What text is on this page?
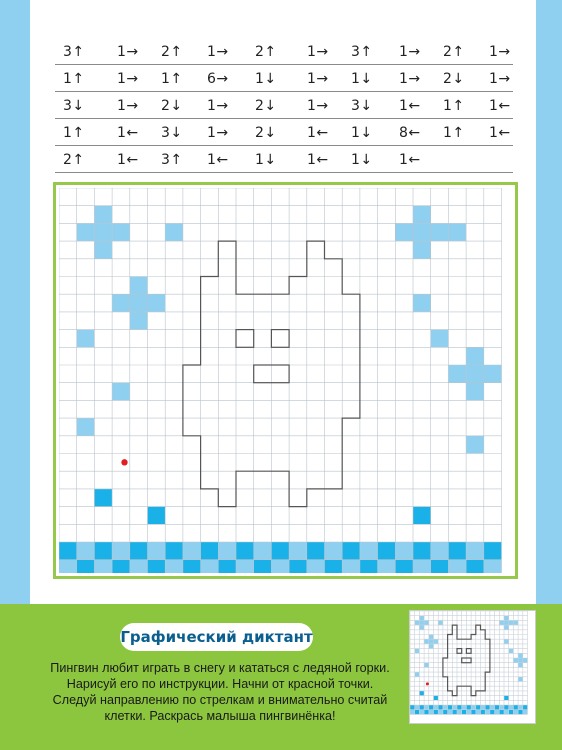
3↑ 1→ 2↑ 1→ 2↑ 1→ 3↑ 1→ 2↑ 1→
1↑ 1→ 1↑ 6→ 1↓ 1→ 1↓ 1→ 2↓ 1→
3↓ 1→ 2↓ 1→ 2↓ 1→ 3↓ 1← 1↑ 1←
1↑ 1← 3↓ 1→ 2↓ 1← 1↓ 8← 1↑ 1←
2↑ 1← 3↑ 1← 1↓ 1← 1↓ 1←
Графический диктант
Пингвин любит играть в снегу и кататься с ледяной горки. Нарисуй его по инструкции. Начни от красной точки. Следуй направлению по стрелкам и внимательно считай клетки. Раскрась малыша пингвинёнка!
